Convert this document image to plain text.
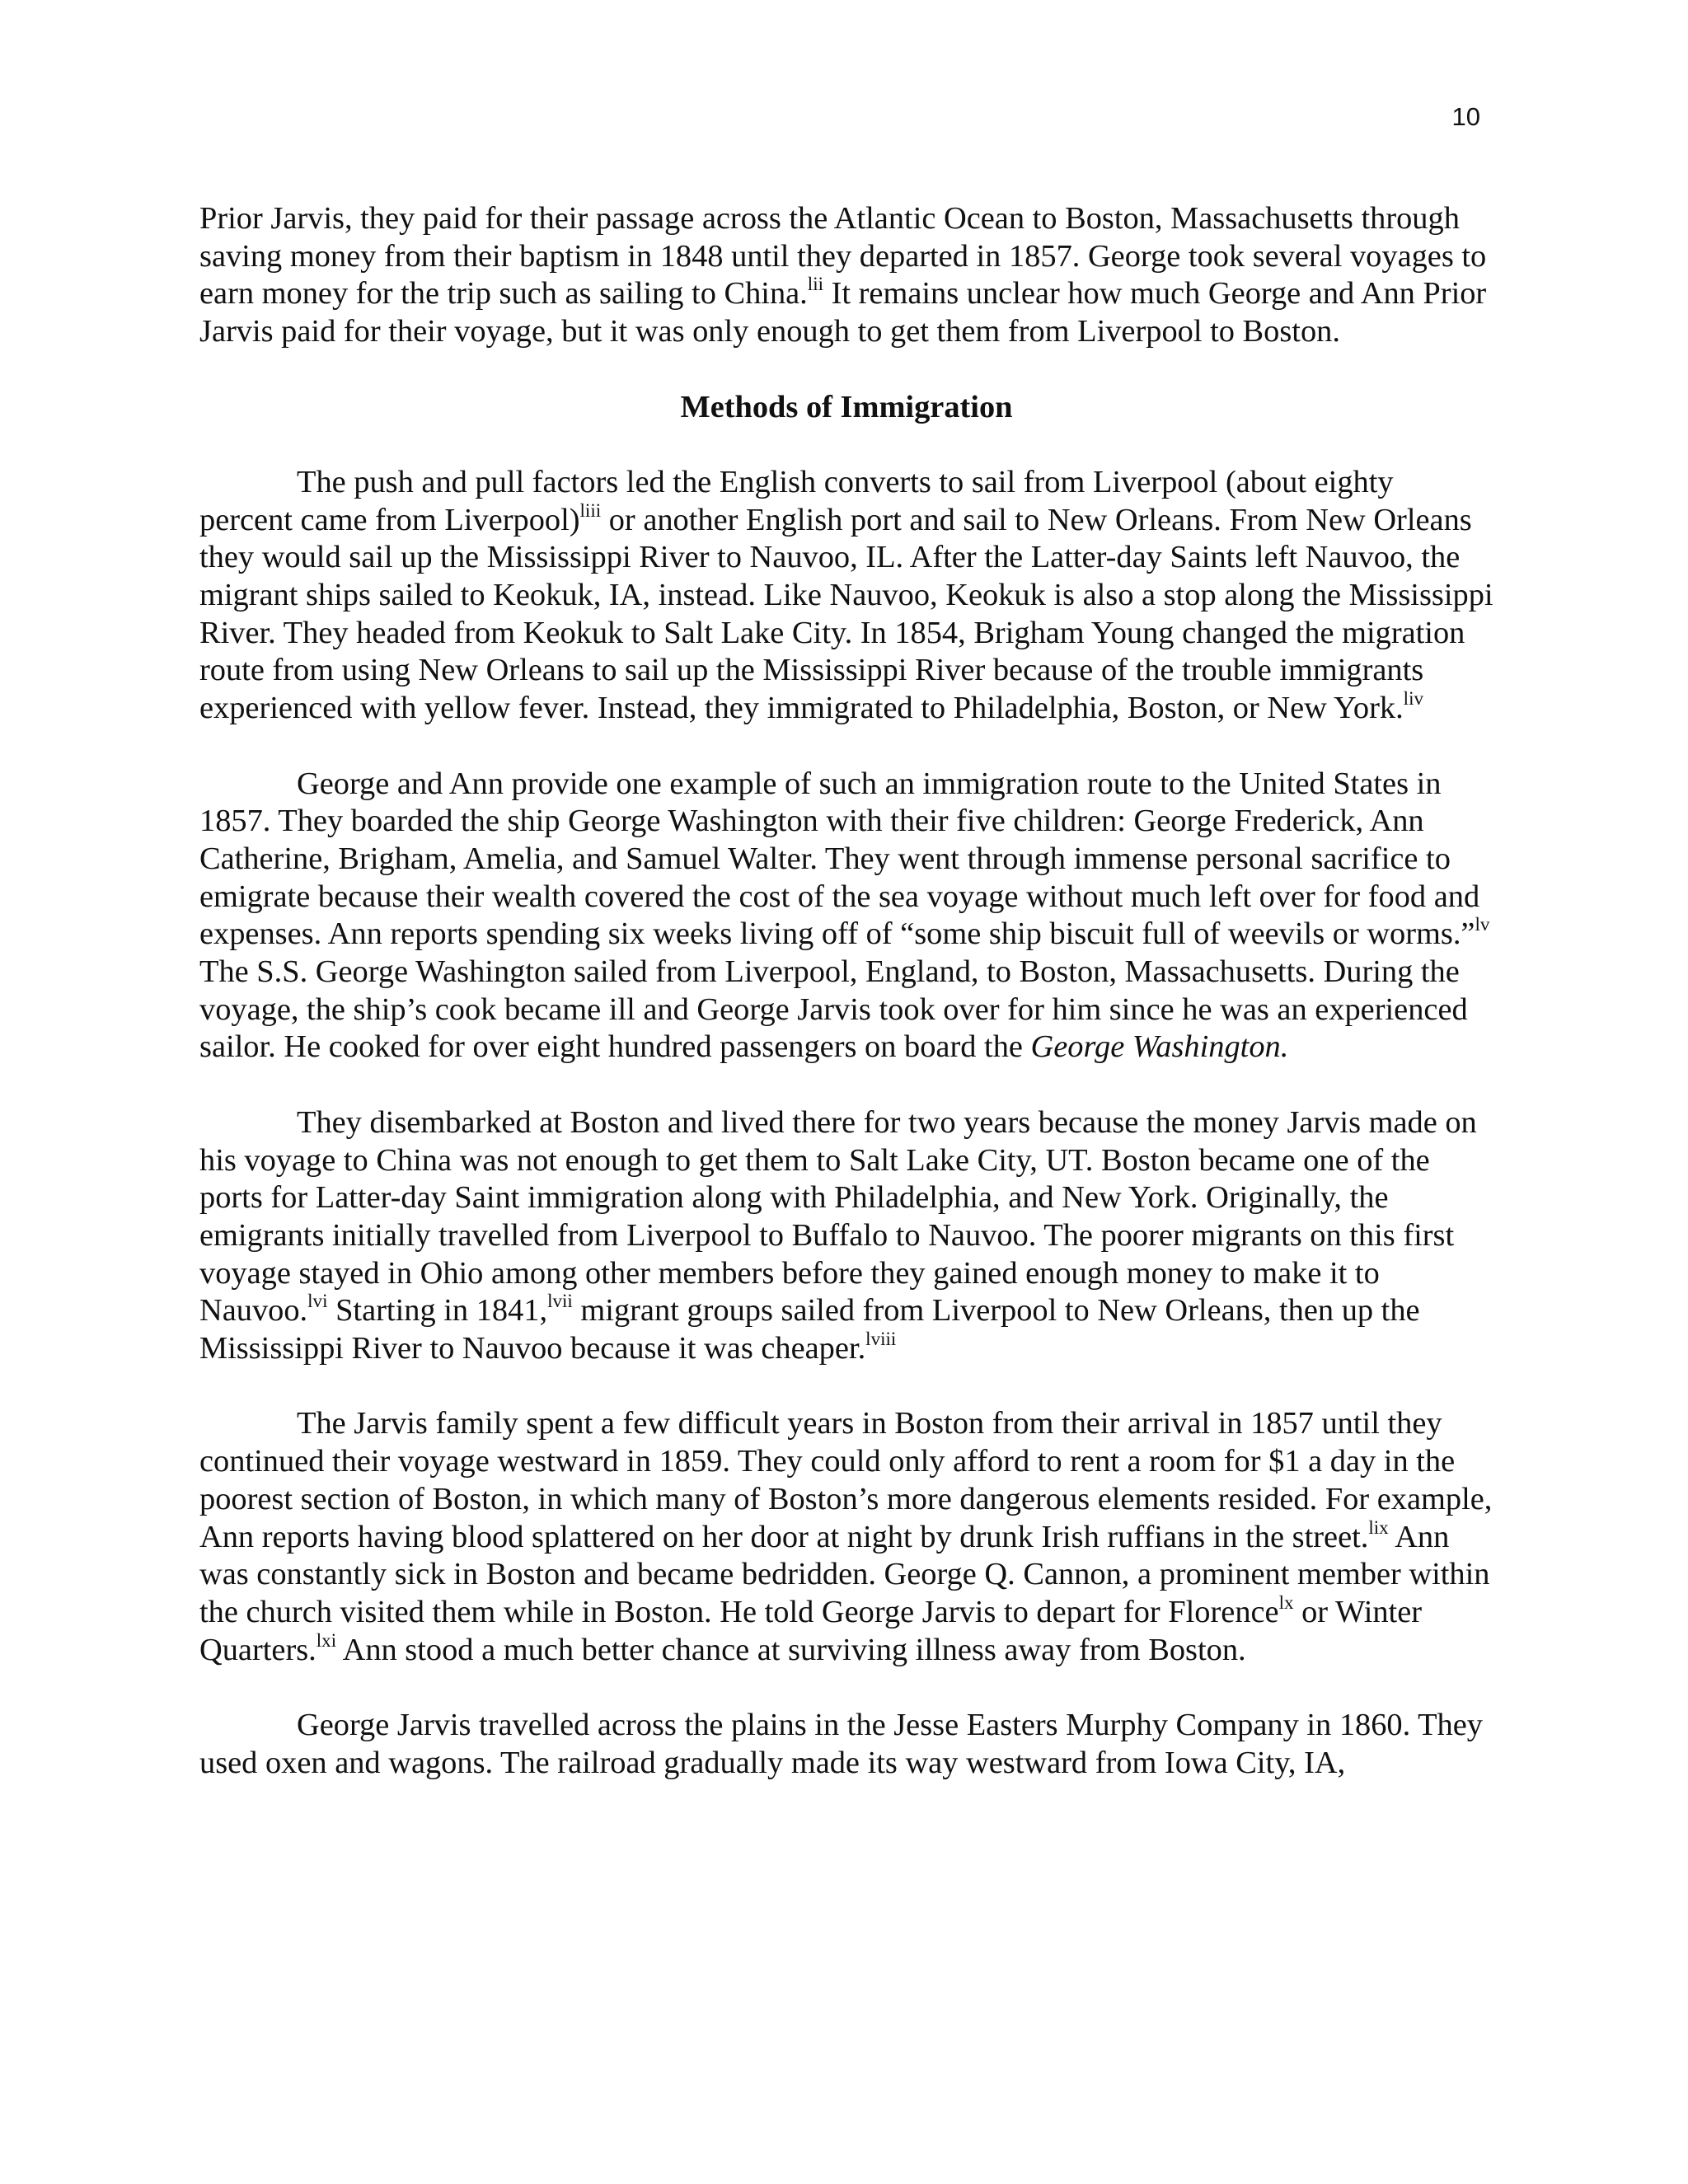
10

Prior Jarvis, they paid for their passage across the Atlantic Ocean to Boston, Massachusetts through saving money from their baptism in 1848 until they departed in 1857. George took several voyages to earn money for the trip such as sailing to China.$^{lii}$ It remains unclear how much George and Ann Prior Jarvis paid for their voyage, but it was only enough to get them from Liverpool to Boston.

Methods of Immigration

The push and pull factors led the English converts to sail from Liverpool (about eighty percent came from Liverpool)$^{liii}$ or another English port and sail to New Orleans. From New Orleans they would sail up the Mississippi River to Nauvoo, IL. After the Latter-day Saints left Nauvoo, the migrant ships sailed to Keokuk, IA, instead. Like Nauvoo, Keokuk is also a stop along the Mississippi River. They headed from Keokuk to Salt Lake City. In 1854, Brigham Young changed the migration route from using New Orleans to sail up the Mississippi River because of the trouble immigrants experienced with yellow fever. Instead, they immigrated to Philadelphia, Boston, or New York.$^{liv}$

George and Ann provide one example of such an immigration route to the United States in 1857. They boarded the ship George Washington with their five children: George Frederick, Ann Catherine, Brigham, Amelia, and Samuel Walter. They went through immense personal sacrifice to emigrate because their wealth covered the cost of the sea voyage without much left over for food and expenses. Ann reports spending six weeks living off of “some ship biscuit full of weevils or worms.”$^{lv}$ The S.S. George Washington sailed from Liverpool, England, to Boston, Massachusetts. During the voyage, the ship’s cook became ill and George Jarvis took over for him since he was an experienced sailor. He cooked for over eight hundred passengers on board the George Washington.

They disembarked at Boston and lived there for two years because the money Jarvis made on his voyage to China was not enough to get them to Salt Lake City, UT. Boston became one of the ports for Latter-day Saint immigration along with Philadelphia, and New York. Originally, the emigrants initially travelled from Liverpool to Buffalo to Nauvoo. The poorer migrants on this first voyage stayed in Ohio among other members before they gained enough money to make it to Nauvoo.$^{lvi}$ Starting in 1841,$^{lvii}$ migrant groups sailed from Liverpool to New Orleans, then up the Mississippi River to Nauvoo because it was cheaper.$^{lviii}$

The Jarvis family spent a few difficult years in Boston from their arrival in 1857 until they continued their voyage westward in 1859. They could only afford to rent a room for $1 a day in the poorest section of Boston, in which many of Boston’s more dangerous elements resided. For example, Ann reports having blood splattered on her door at night by drunk Irish ruffians in the street.$^{lix}$ Ann was constantly sick in Boston and became bedridden. George Q. Cannon, a prominent member within the church visited them while in Boston. He told George Jarvis to depart for Florence$^{lx}$ or Winter Quarters.$^{lxi}$ Ann stood a much better chance at surviving illness away from Boston.

George Jarvis travelled across the plains in the Jesse Easters Murphy Company in 1860. They used oxen and wagons. The railroad gradually made its way westward from Iowa City, IA,
